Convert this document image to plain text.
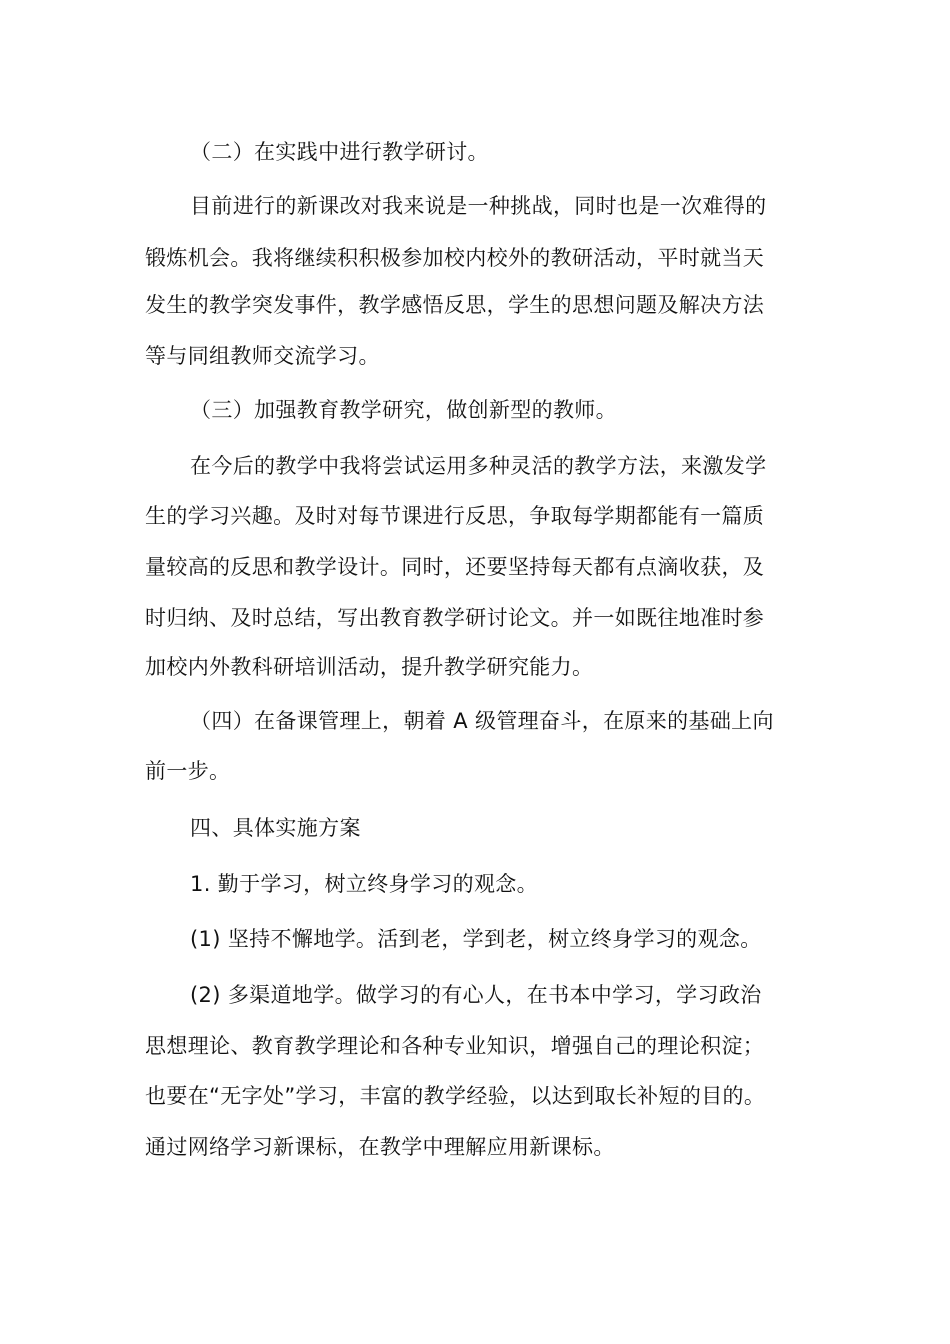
（二）在实践中进行教学研讨。
目前进行的新课改对我来说是一种挑战，同时也是一次难得的
锻炼机会。我将继续积积极参加校内校外的教研活动，平时就当天
发生的教学突发事件，教学感悟反思，学生的思想问题及解决方法
等与同组教师交流学习。
（三）加强教育教学研究，做创新型的教师。
在今后的教学中我将尝试运用多种灵活的教学方法，来激发学
生的学习兴趣。及时对每节课进行反思，争取每学期都能有一篇质
量较高的反思和教学设计。同时，还要坚持每天都有点滴收获，及
时归纳、及时总结，写出教育教学研讨论文。并一如既往地准时参
加校内外教科研培训活动，提升教学研究能力。
（四）在备课管理上，朝着 A 级管理奋斗，在原来的基础上向
前一步。
四、具体实施方案
1. 勤于学习，树立终身学习的观念。
(1) 坚持不懈地学。活到老，学到老，树立终身学习的观念。
(2) 多渠道地学。做学习的有心人，在书本中学习，学习政治
思想理论、教育教学理论和各种专业知识，增强自己的理论积淀；
也要在“无字处”学习，丰富的教学经验，以达到取长补短的目的。
通过网络学习新课标，在教学中理解应用新课标。
